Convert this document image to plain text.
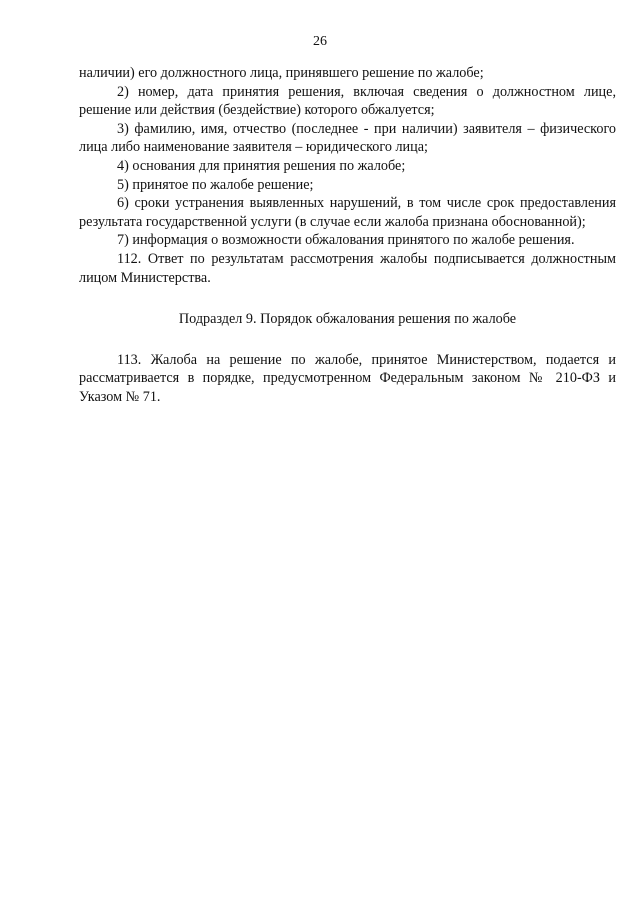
26

наличии) его должностного лица, принявшего решение по жалобе;

2) номер, дата принятия решения, включая сведения о должностном лице, решение или действия (бездействие) которого обжалуется;

3) фамилию, имя, отчество (последнее - при наличии) заявителя – физического лица либо наименование заявителя – юридического лица;

4) основания для принятия решения по жалобе;

5) принятое по жалобе решение;

6) сроки устранения выявленных нарушений, в том числе срок предоставления результата государственной услуги (в случае если жалоба признана обоснованной);

7) информация о возможности обжалования принятого по жалобе решения.

112. Ответ по результатам рассмотрения жалобы подписывается должностным лицом Министерства.

Подраздел 9. Порядок обжалования решения по жалобе

113. Жалоба на решение по жалобе, принятое Министерством, подается и рассматривается в порядке, предусмотренном Федеральным законом № 210-ФЗ и Указом № 71.
